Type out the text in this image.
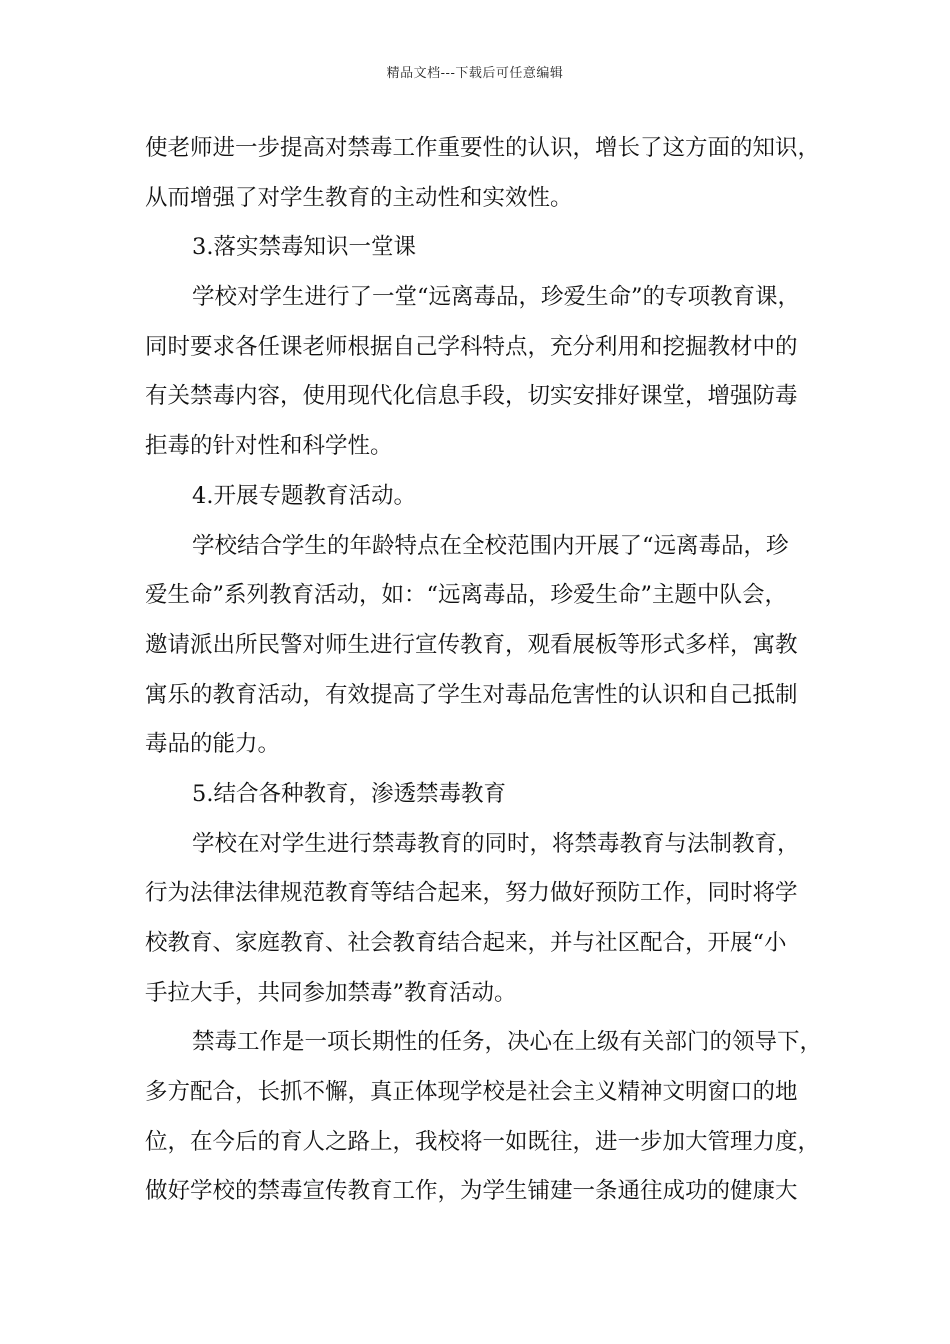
精品文档---下载后可任意编辑
使老师进一步提高对禁毒工作重要性的认识，增长了这方面的知识，
从而增强了对学生教育的主动性和实效性。
3.落实禁毒知识一堂课
学校对学生进行了一堂“远离毒品，珍爱生命”的专项教育课，
同时要求各任课老师根据自己学科特点，充分利用和挖掘教材中的
有关禁毒内容，使用现代化信息手段，切实安排好课堂，增强防毒
拒毒的针对性和科学性。
4.开展专题教育活动。
学校结合学生的年龄特点在全校范围内开展了“远离毒品，珍
爱生命”系列教育活动，如：“远离毒品，珍爱生命”主题中队会，
邀请派出所民警对师生进行宣传教育，观看展板等形式多样，寓教
寓乐的教育活动，有效提高了学生对毒品危害性的认识和自己抵制
毒品的能力。
5.结合各种教育，渗透禁毒教育
学校在对学生进行禁毒教育的同时，将禁毒教育与法制教育，
行为法律法律规范教育等结合起来，努力做好预防工作，同时将学
校教育、家庭教育、社会教育结合起来，并与社区配合，开展“小
手拉大手，共同参加禁毒”教育活动。
禁毒工作是一项长期性的任务，决心在上级有关部门的领导下，
多方配合，长抓不懈，真正体现学校是社会主义精神文明窗口的地
位，在今后的育人之路上，我校将一如既往，进一步加大管理力度，
做好学校的禁毒宣传教育工作，为学生铺建一条通往成功的健康大
